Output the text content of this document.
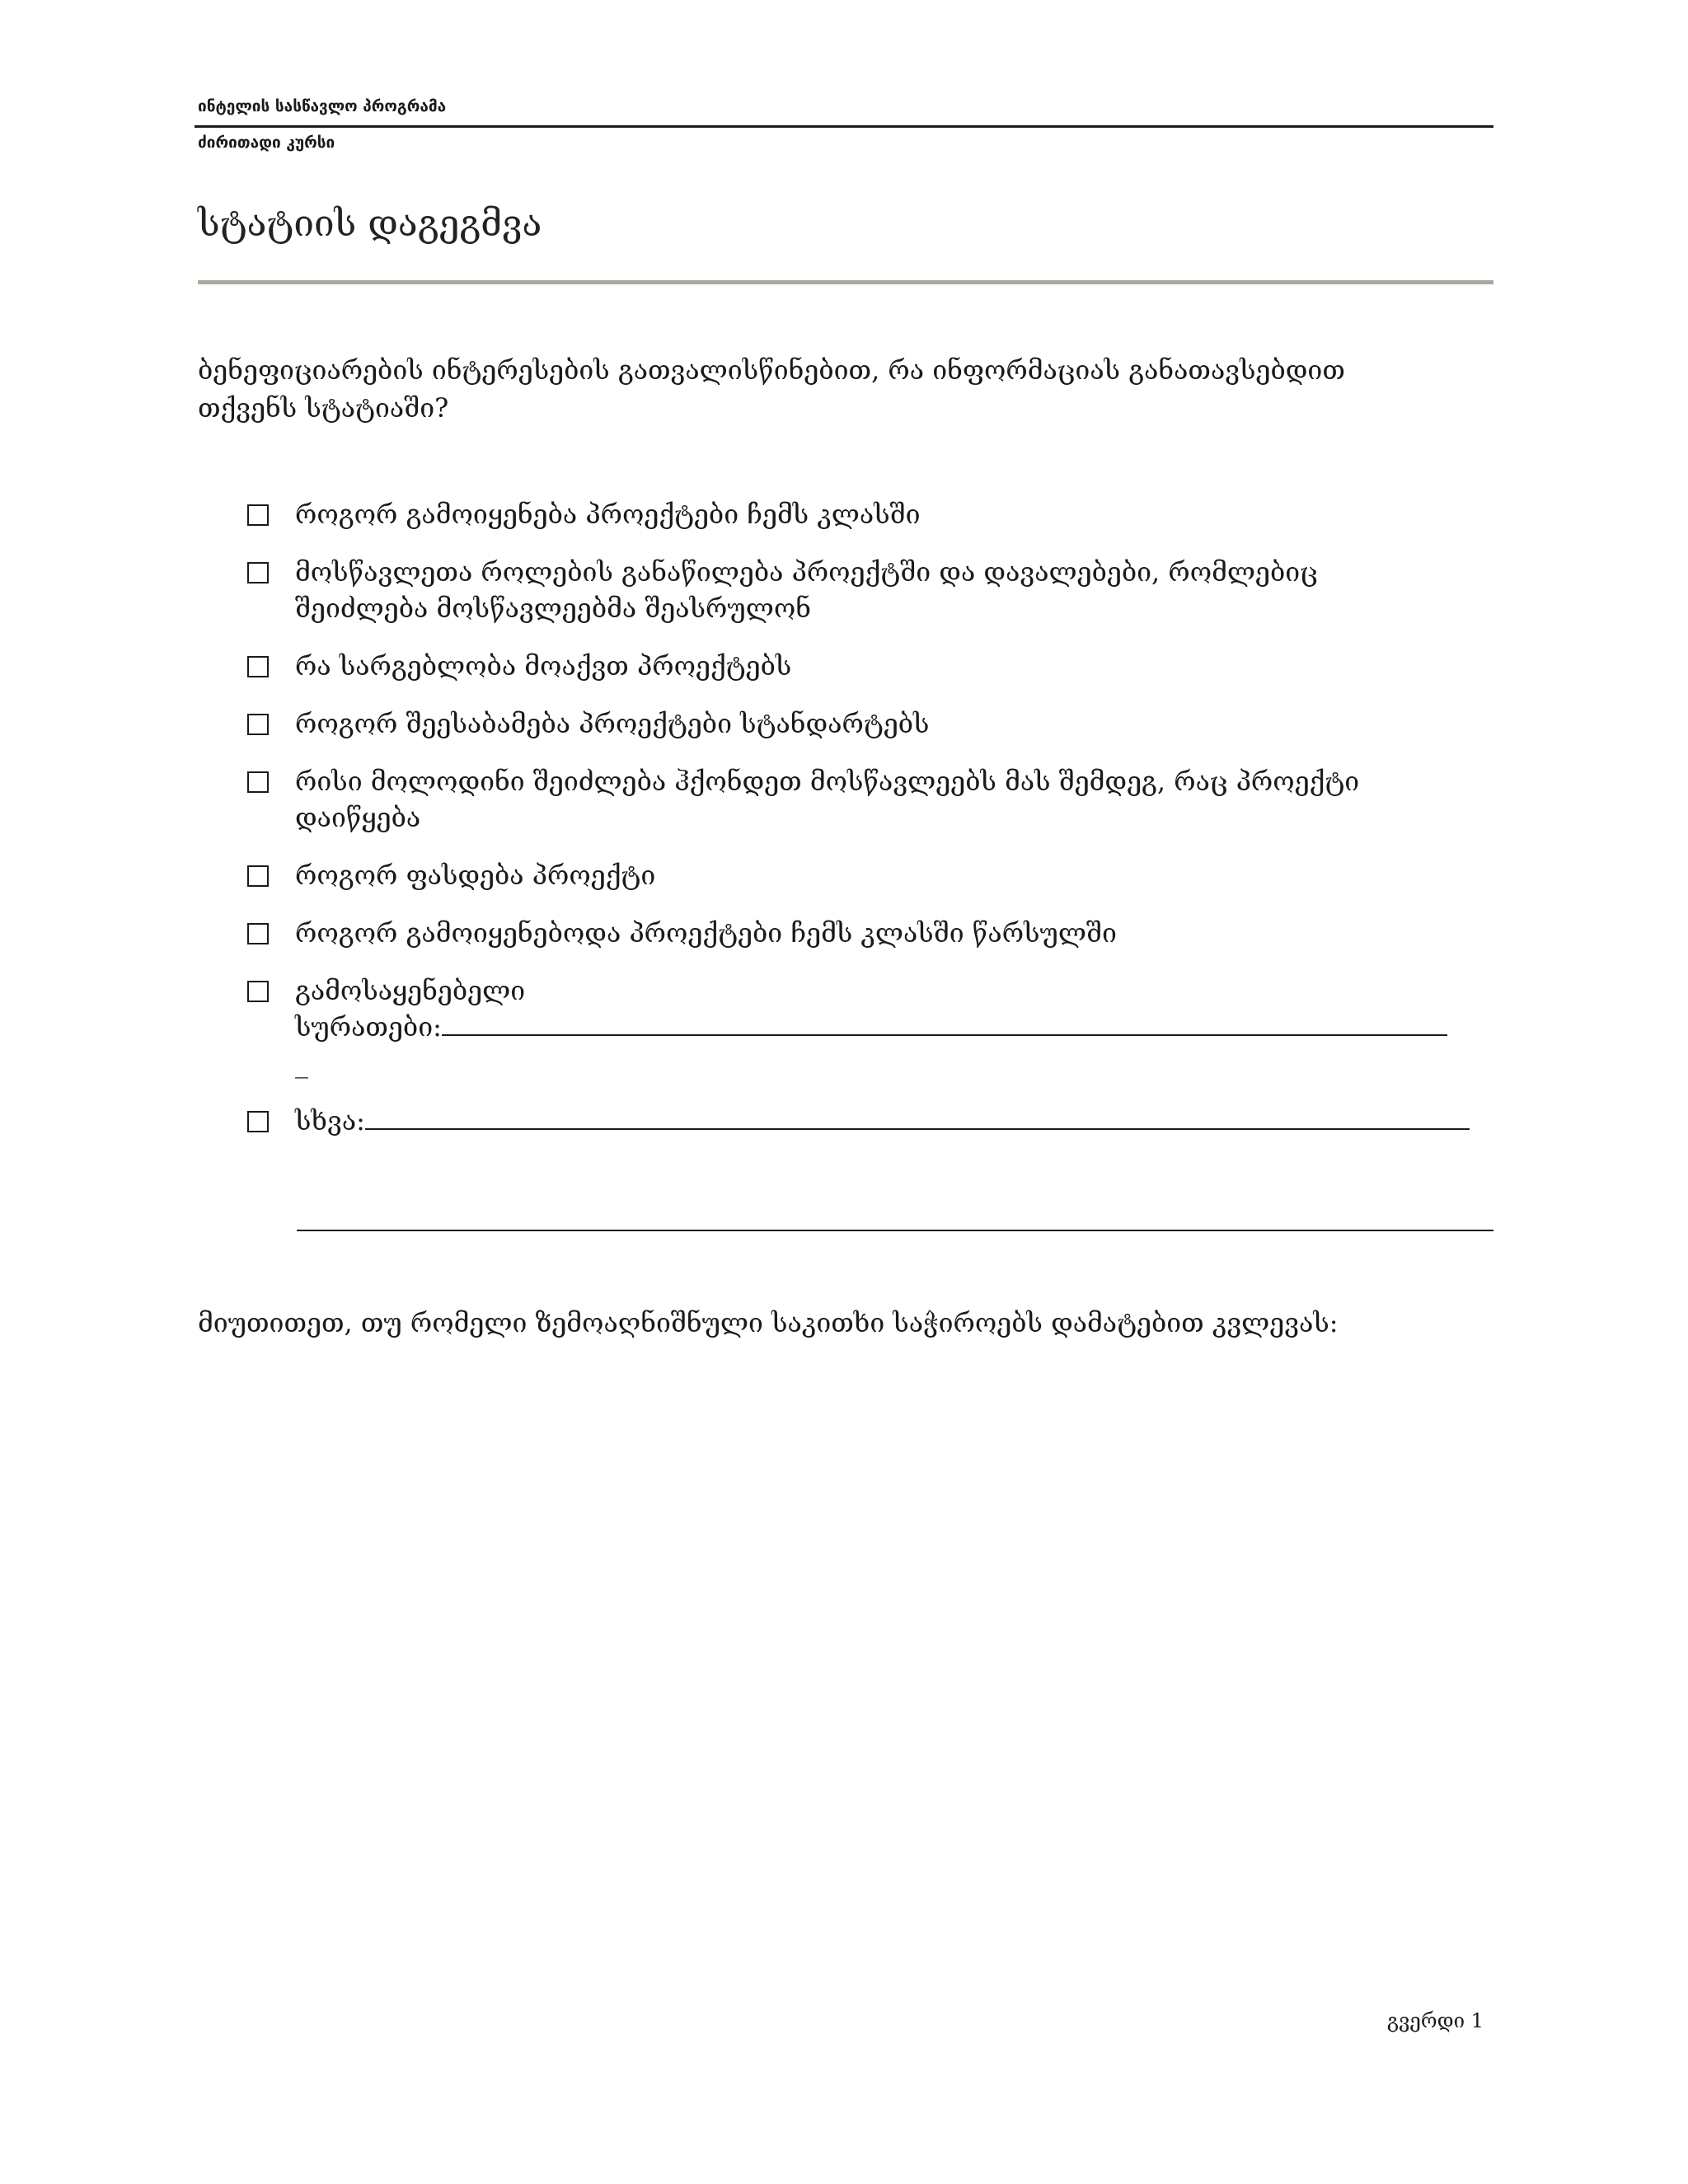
ინტელის სასწავლო პროგრამა
ძირითადი კურსი
სტატიის დაგეგმვა
ბენეფიციარების ინტერესების გათვალისწინებით, რა ინფორმაციას განათავსებდით
თქვენს სტატიაში?
როგორ გამოიყენება პროექტები ჩემს კლასში
მოსწავლეთა როლების განაწილება პროექტში და დავალებები, რომლებიც
შეიძლება მოსწავლეებმა შეასრულონ
რა სარგებლობა მოაქვთ პროექტებს
როგორ შეესაბამება პროექტები სტანდარტებს
რისი მოლოდინი შეიძლება ჰქონდეთ მოსწავლეებს მას შემდეგ, რაც პროექტი
დაიწყება
როგორ ფასდება პროექტი
როგორ გამოიყენებოდა პროექტები ჩემს კლასში წარსულში
გამოსაყენებელი
სურათები:
_
სხვა:
მიუთითეთ, თუ რომელი ზემოაღნიშნული საკითხი საჭიროებს დამატებით კვლევას:
გვერდი 1
